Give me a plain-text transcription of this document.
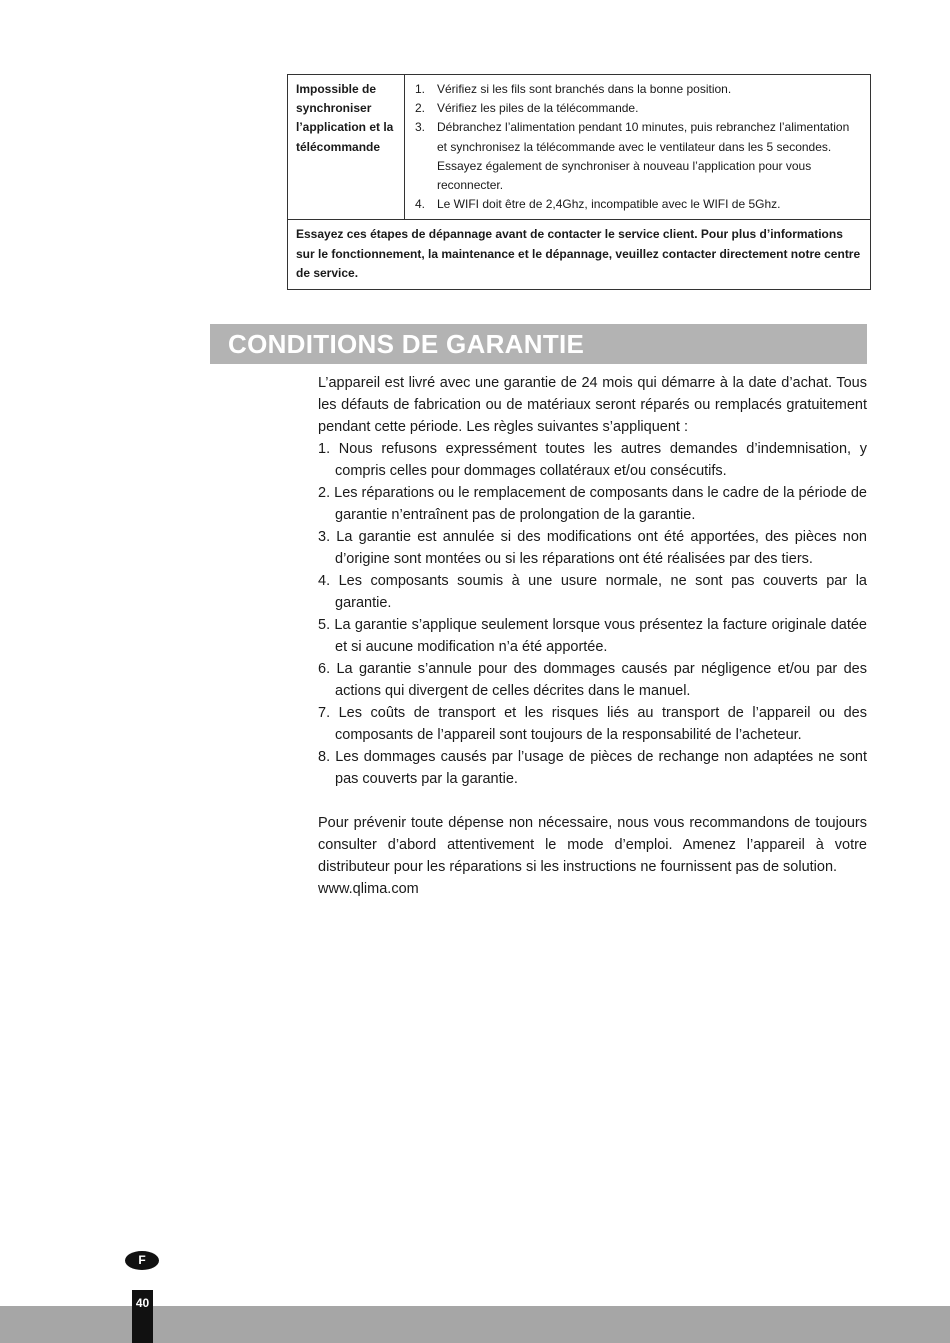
Impossible de synchroniser l’application et la télécommande	
1. Vérifiez si les fils sont branchés dans la bonne position.
2. Vérifiez les piles de la télécommande.
3. Débranchez l’alimentation pendant 10 minutes, puis rebranchez l’alimentation et synchronisez la télécommande avec le ventilateur dans les 5 secondes. Essayez également de synchroniser à nouveau l’application pour vous reconnecter.
4. Le WIFI doit être de 2,4Ghz, incompatible avec le WIFI de 5Ghz.

Essayez ces étapes de dépannage avant de contacter le service client. Pour plus d’informations sur le fonctionnement, la maintenance et le dépannage, veuillez contacter directement notre centre de service.
CONDITIONS DE GARANTIE

L’appareil est livré avec une garantie de 24 mois qui démarre à la date d’achat. Tous les défauts de fabrication ou de matériaux seront réparés ou remplacés gratuitement pendant cette période. Les règles suivantes s’appliquent :

1. Nous refusons expressément toutes les autres demandes d’indemnisation, y compris celles pour dommages collatéraux et/ou consécutifs.
2. Les réparations ou le remplacement de composants dans le cadre de la période de garantie n’entraînent pas de prolongation de la garantie.
3. La garantie est annulée si des modifications ont été apportées, des pièces non d’origine sont montées ou si les réparations ont été réalisées par des tiers.
4. Les composants soumis à une usure normale, ne sont pas couverts par la garantie.
5. La garantie s’applique seulement lorsque vous présentez la facture originale datée et si aucune modification n’a été apportée.
6. La garantie s’annule pour des dommages causés par négligence et/ou par des actions qui divergent de celles décrites dans le manuel.
7. Les coûts de transport et les risques liés au transport de l’appareil ou des composants de l’appareil sont toujours de la responsabilité de l’acheteur.
8. Les dommages causés par l’usage de pièces de rechange non adaptées ne sont pas couverts par la garantie.

Pour prévenir toute dépense non nécessaire, nous vous recommandons de toujours consulter d’abord attentivement le mode d’emploi. Amenez l’appareil à votre distributeur pour les réparations si les instructions ne fournissent pas de solution.

www.qlima.com

F
40
